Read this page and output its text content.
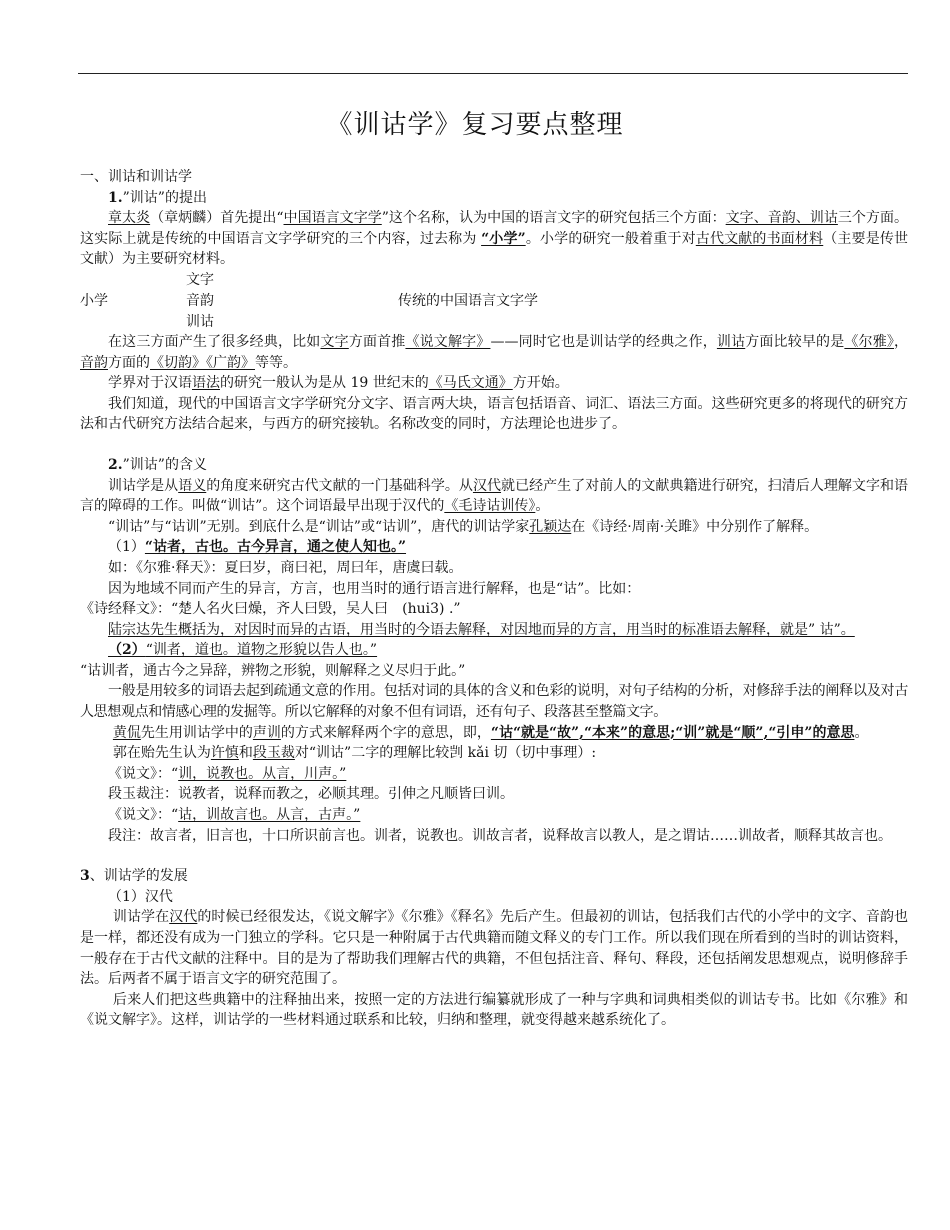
《训诂学》复习要点整理

一、训诂和训诂学

1.”训诂”的提出

章太炎（章炳麟）首先提出“中国语言文字学”这个名称，认为中国的语言文字的研究包括三个方面：文字、音韵、训诂三个方面。这实际上就是传统的中国语言文字学研究的三个内容，过去称为 “小学”。小学的研究一般着重于对古代文献的书面材料（主要是传世文献）为主要研究材料。

小学
文字
音韵
训诂
传统的中国语言文字学

在这三方面产生了很多经典，比如文字方面首推《说文解字》——同时它也是训诂学的经典之作，训诂方面比较早的是《尔雅》，音韵方面的《切韵》《广韵》等等。

学界对于汉语语法的研究一般认为是从 19 世纪末的《马氏文通》方开始。

我们知道，现代的中国语言文字学研究分文字、语言两大块，语言包括语音、词汇、语法三方面。这些研究更多的将现代的研究方法和古代研究方法结合起来，与西方的研究接轨。名称改变的同时，方法理论也进步了。

2.”训诂”的含义

训诂学是从语义的角度来研究古代文献的一门基础科学。从汉代就已经产生了对前人的文献典籍进行研究，扫清后人理解文字和语言的障碍的工作。叫做“训诂”。这个词语最早出现于汉代的《毛诗诂训传》。

“训诂”与“诂训”无别。到底什么是“训诂”或“诂训”，唐代的训诂学家孔颖达在《诗经·周南·关雎》中分别作了解释。

（1）“诂者，古也。古今异言，通之使人知也。”

如：《尔雅·释天》：夏曰岁，商曰祀，周曰年，唐虞曰载。

因为地域不同而产生的异言，方言，也用当时的通行语言进行解释，也是“诂”。比如：

《诗经释文》：“楚人名火曰燥，齐人曰毁，吴人曰　(hui3) .”

陆宗达先生概括为，对因时而异的古语，用当时的今语去解释，对因地而异的方言，用当时的标准语去解释，就是” 诂”。

（2）“训者，道也。道物之形貌以告人也。”

“诂训者，通古今之异辞，辨物之形貌，则解释之义尽归于此。”

一般是用较多的词语去起到疏通文意的作用。包括对词的具体的含义和色彩的说明，对句子结构的分析，对修辞手法的阐释以及对古人思想观点和情感心理的发掘等。所以它解释的对象不但有词语，还有句子、段落甚至整篇文字。

黄侃先生用训诂学中的声训的方式来解释两个字的意思，即，“诂“就是“故”,“本来”的意思;“训”就是“顺”,“引申”的意思。

郭在贻先生认为许慎和段玉裁对“训诂”二字的理解比较剀 kǎi 切（切中事理）:

《说文》：“训，说教也。从言，川声。”

段玉裁注：说教者，说释而教之，必顺其理。引伸之凡顺皆曰训。

《说文》：“诂，训故言也。从言，古声。”

段注：故言者，旧言也，十口所识前言也。训者，说教也。训故言者，说释故言以教人，是之谓诂……训故者，顺释其故言也。

3、训诂学的发展

（1）汉代

训诂学在汉代的时候已经很发达，《说文解字》《尔雅》《释名》先后产生。但最初的训诂，包括我们古代的小学中的文字、音韵也是一样，都还没有成为一门独立的学科。它只是一种附属于古代典籍而随文释义的专门工作。所以我们现在所看到的当时的训诂资料，一般存在于古代文献的注释中。目的是为了帮助我们理解古代的典籍，不但包括注音、释句、释段，还包括阐发思想观点，说明修辞手法。后两者不属于语言文字的研究范围了。

后来人们把这些典籍中的注释抽出来，按照一定的方法进行编纂就形成了一种与字典和词典相类似的训诂专书。比如《尔雅》和《说文解字》。这样，训诂学的一些材料通过联系和比较，归纳和整理，就变得越来越系统化了。
